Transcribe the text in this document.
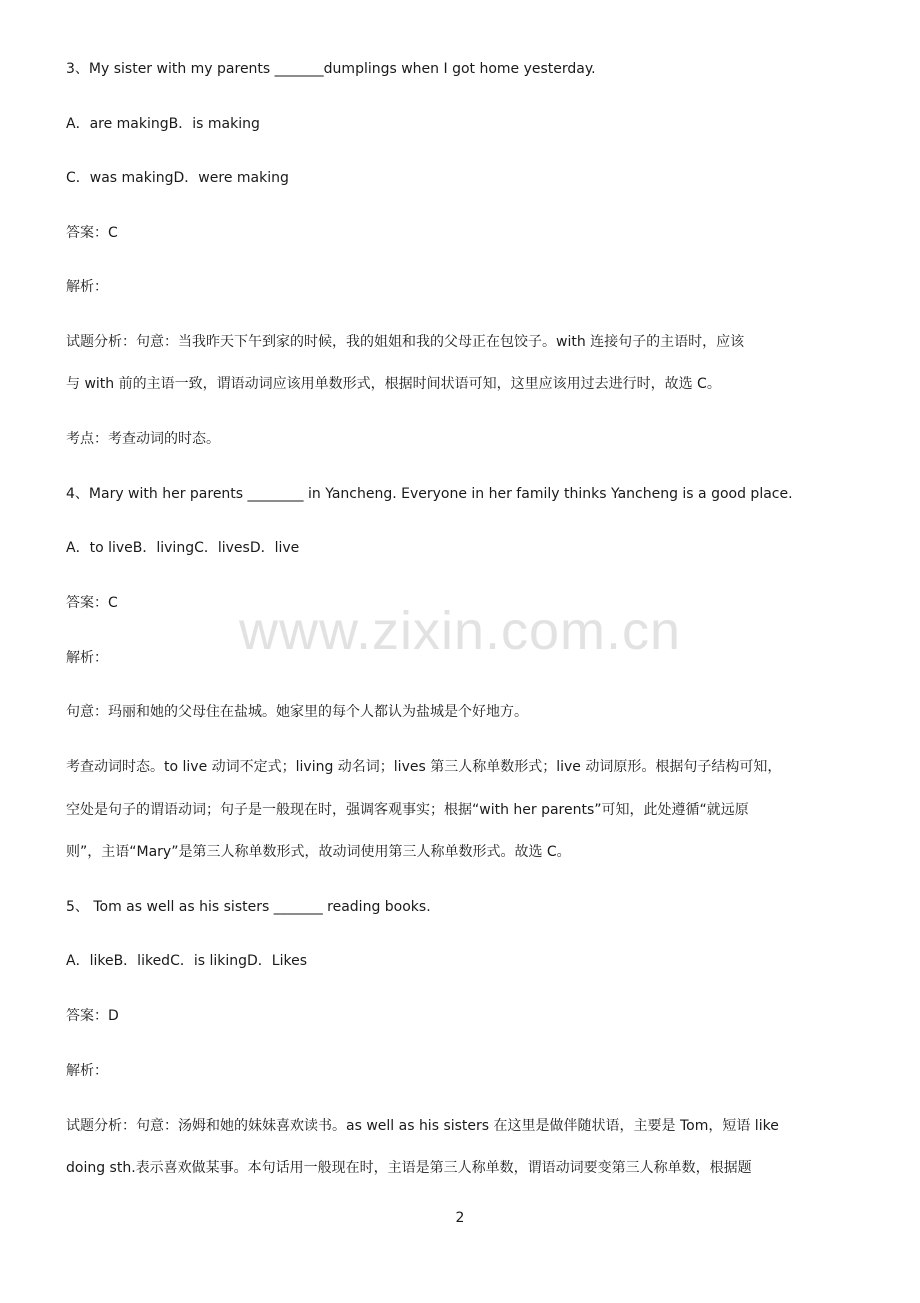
www.zixin.com.cn
3、My sister with my parents _______dumplings when I got home yesterday.
A．are makingB．is making
C．was makingD．were making
答案：C
解析：
试题分析：句意：当我昨天下午到家的时候，我的姐姐和我的父母正在包饺子。with 连接句子的主语时，应该
与 with 前的主语一致，谓语动词应该用单数形式，根据时间状语可知，这里应该用过去进行时，故选 C。
考点：考查动词的时态。
4、Mary with her parents ________ in Yancheng. Everyone in her family thinks Yancheng is a good place.
A．to liveB．livingC．livesD．live
答案：C
解析：
句意：玛丽和她的父母住在盐城。她家里的每个人都认为盐城是个好地方。
考查动词时态。to live 动词不定式；living 动名词；lives 第三人称单数形式；live 动词原形。根据句子结构可知，
空处是句子的谓语动词；句子是一般现在时，强调客观事实；根据“with her parents”可知，此处遵循“就远原
则”，主语“Mary”是第三人称单数形式，故动词使用第三人称单数形式。故选 C。
5、 Tom as well as his sisters _______ reading books.
A．likeB．likedC．is likingD．Likes
答案：D
解析：
试题分析：句意：汤姆和她的妹妹喜欢读书。as well as his sisters 在这里是做伴随状语，主要是 Tom，短语 like
doing sth.表示喜欢做某事。本句话用一般现在时，主语是第三人称单数，谓语动词要变第三人称单数，根据题
2
